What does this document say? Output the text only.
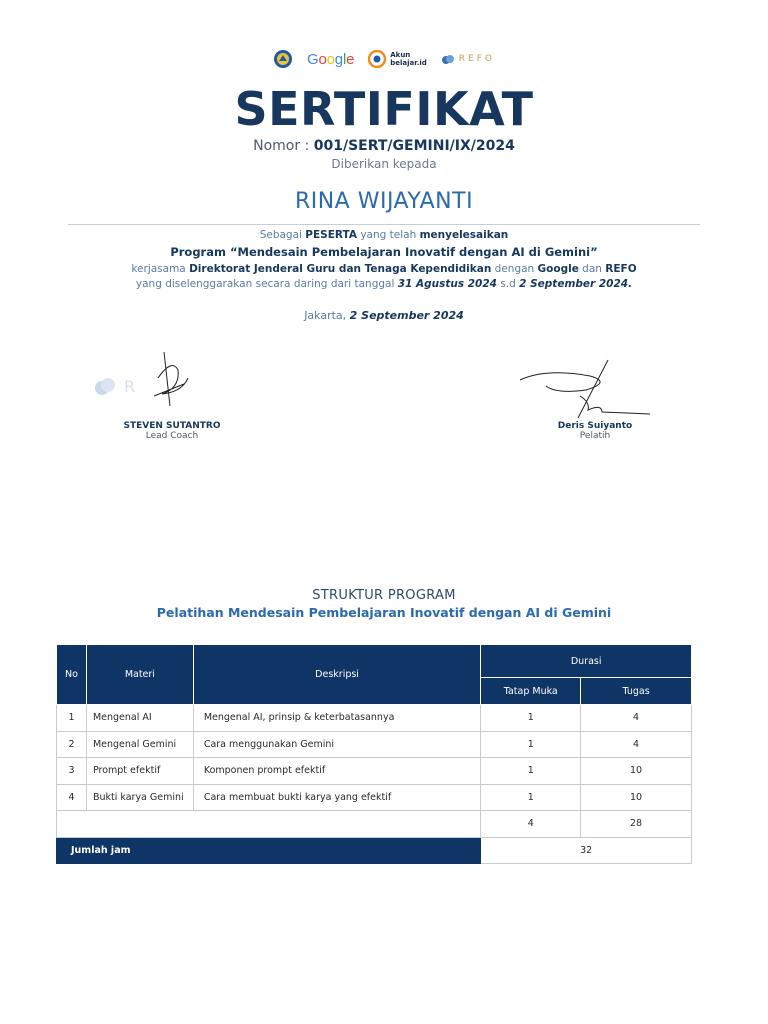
Google	Akun
belajar.id	REFO
SERTIFIKAT
Nomor : 001/SERT/GEMINI/IX/2024
Diberikan kepada
RINA WIJAYANTI
Sebagai PESERTA yang telah menyelesaikan
Program “Mendesain Pembelajaran Inovatif dengan AI di Gemini”
kerjasama Direktorat Jenderal Guru dan Tenaga Kependidikan dengan Google dan REFO
yang diselenggarakan secara daring dari tanggal 31 Agustus 2024 s.d 2 September 2024.
Jakarta, 2 September 2024
R
STEVEN SUTANTRO
Lead Coach
Deris Suiyanto
Pelatih
STRUKTUR PROGRAM
Pelatihan Mendesain Pembelajaran Inovatif dengan AI di Gemini
No	Materi	Deskripsi	Durasi	
			Tatap Muka	Tugas
1	Mengenal AI	Mengenal AI, prinsip & keterbatasannya	1	4
2	Mengenal Gemini	Cara menggunakan Gemini	1	4
3	Prompt efektif	Komponen prompt efektif	1	10
4	Bukti karya Gemini	Cara membuat bukti karya yang efektif	1	10
			4	28
Jumlah jam			32	
